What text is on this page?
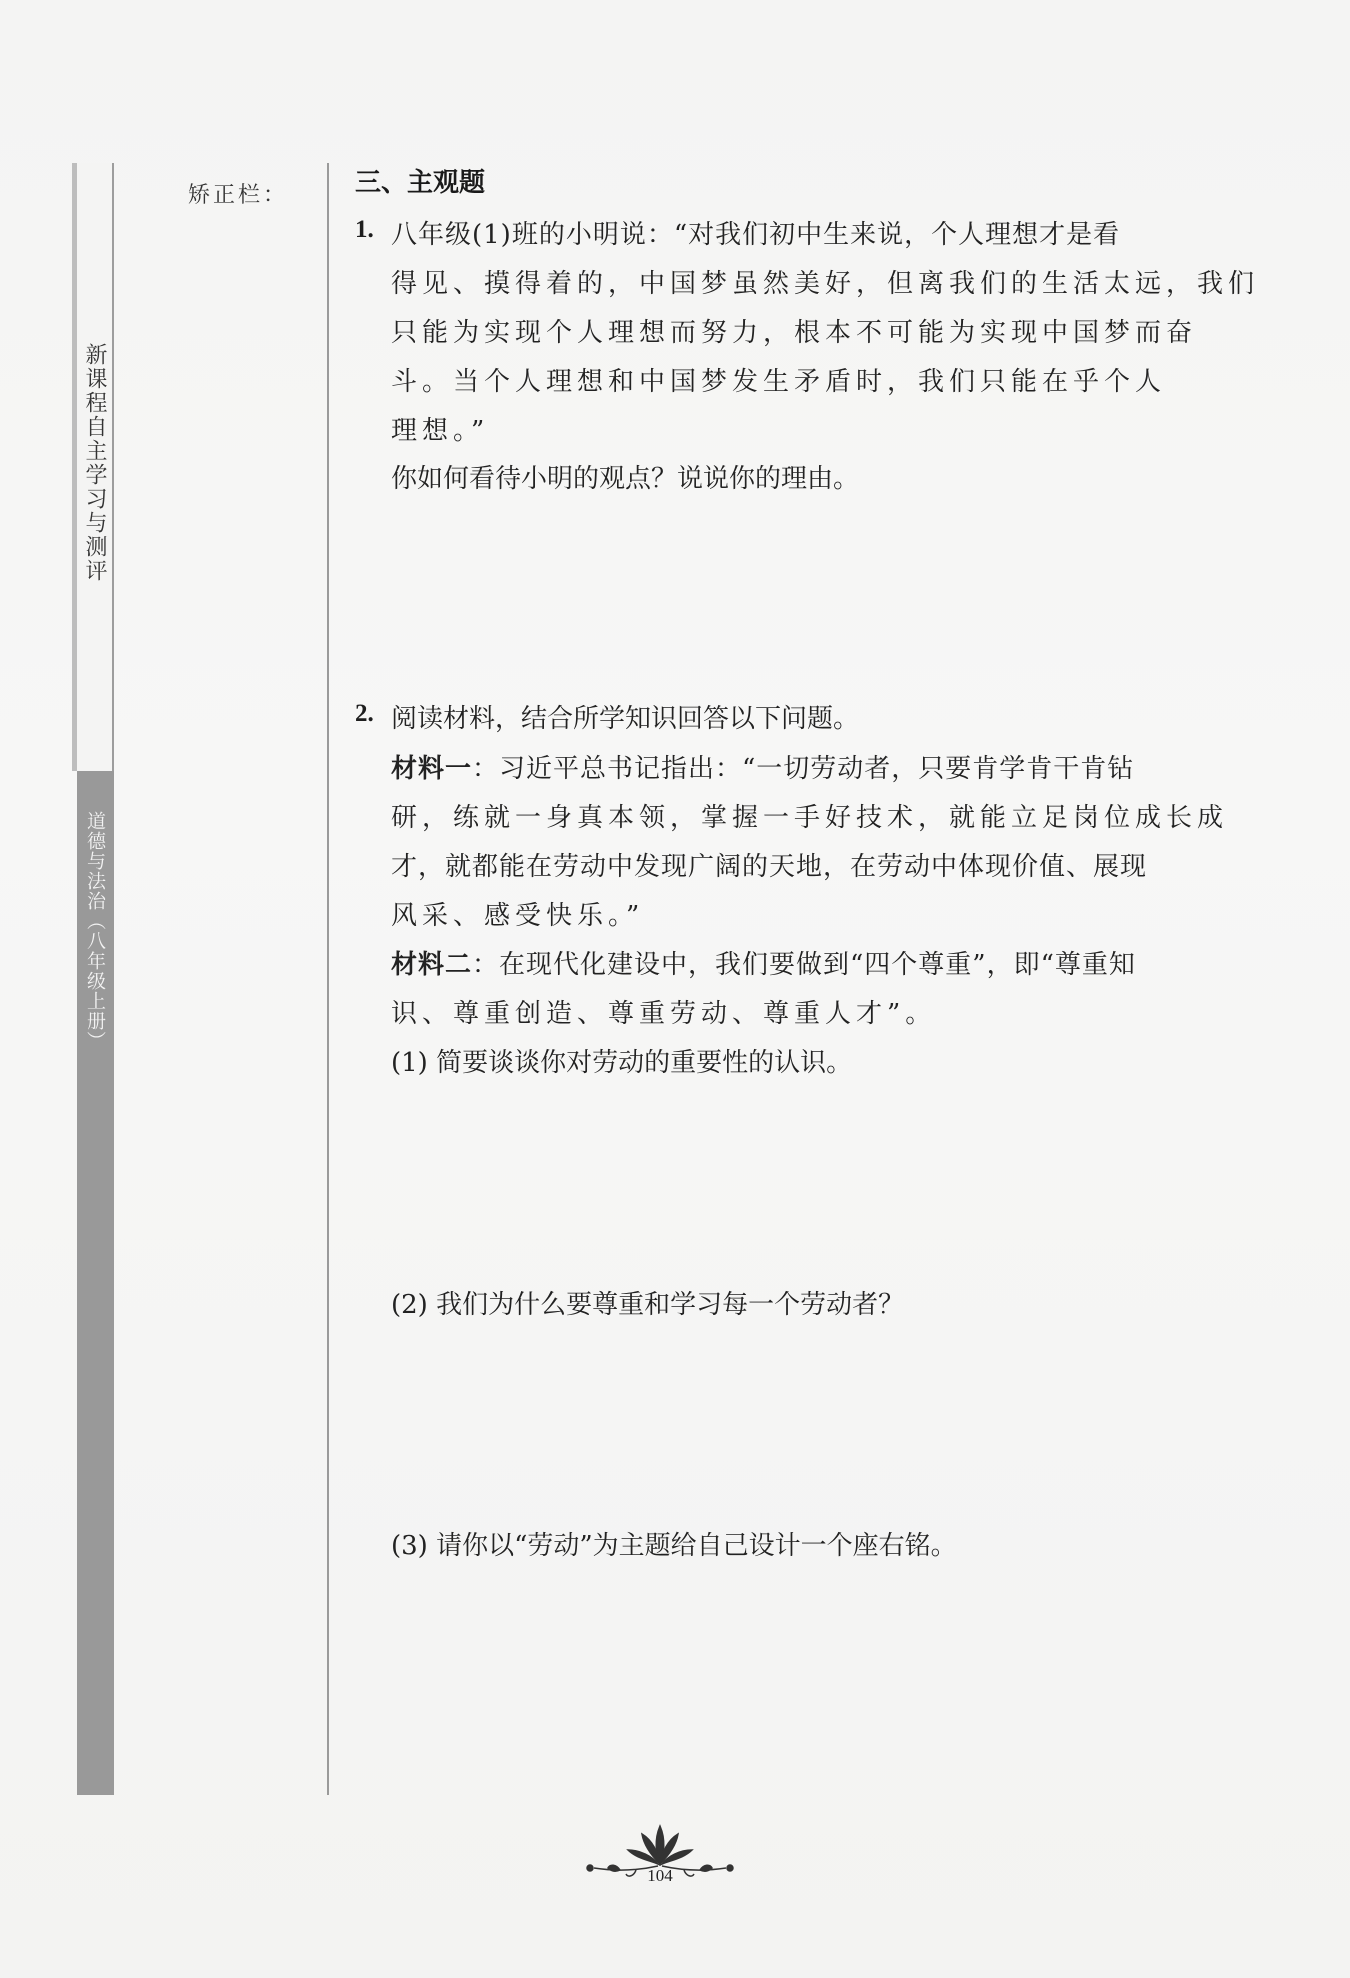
新课程自主学习与测评
道德与法治（八年级上册）
矫正栏：	三、主观题
1. 八年级(1)班的小明说：“对我们初中生来说，个人理想才是看
得见、摸得着的，中国梦虽然美好，但离我们的生活太远，我们
只能为实现个人理想而努力，根本不可能为实现中国梦而奋
斗。当个人理想和中国梦发生矛盾时，我们只能在乎个人
理想。”
你如何看待小明的观点？说说你的理由。
2. 阅读材料，结合所学知识回答以下问题。
材料一：习近平总书记指出：“一切劳动者，只要肯学肯干肯钻
研，练就一身真本领，掌握一手好技术，就能立足岗位成长成
才，就都能在劳动中发现广阔的天地，在劳动中体现价值、展现
风采、感受快乐。”
材料二：在现代化建设中，我们要做到“四个尊重”，即“尊重知
识、尊重创造、尊重劳动、尊重人才”。
(1) 简要谈谈你对劳动的重要性的认识。
(2) 我们为什么要尊重和学习每一个劳动者？
(3) 请你以“劳动”为主题给自己设计一个座右铭。
104
